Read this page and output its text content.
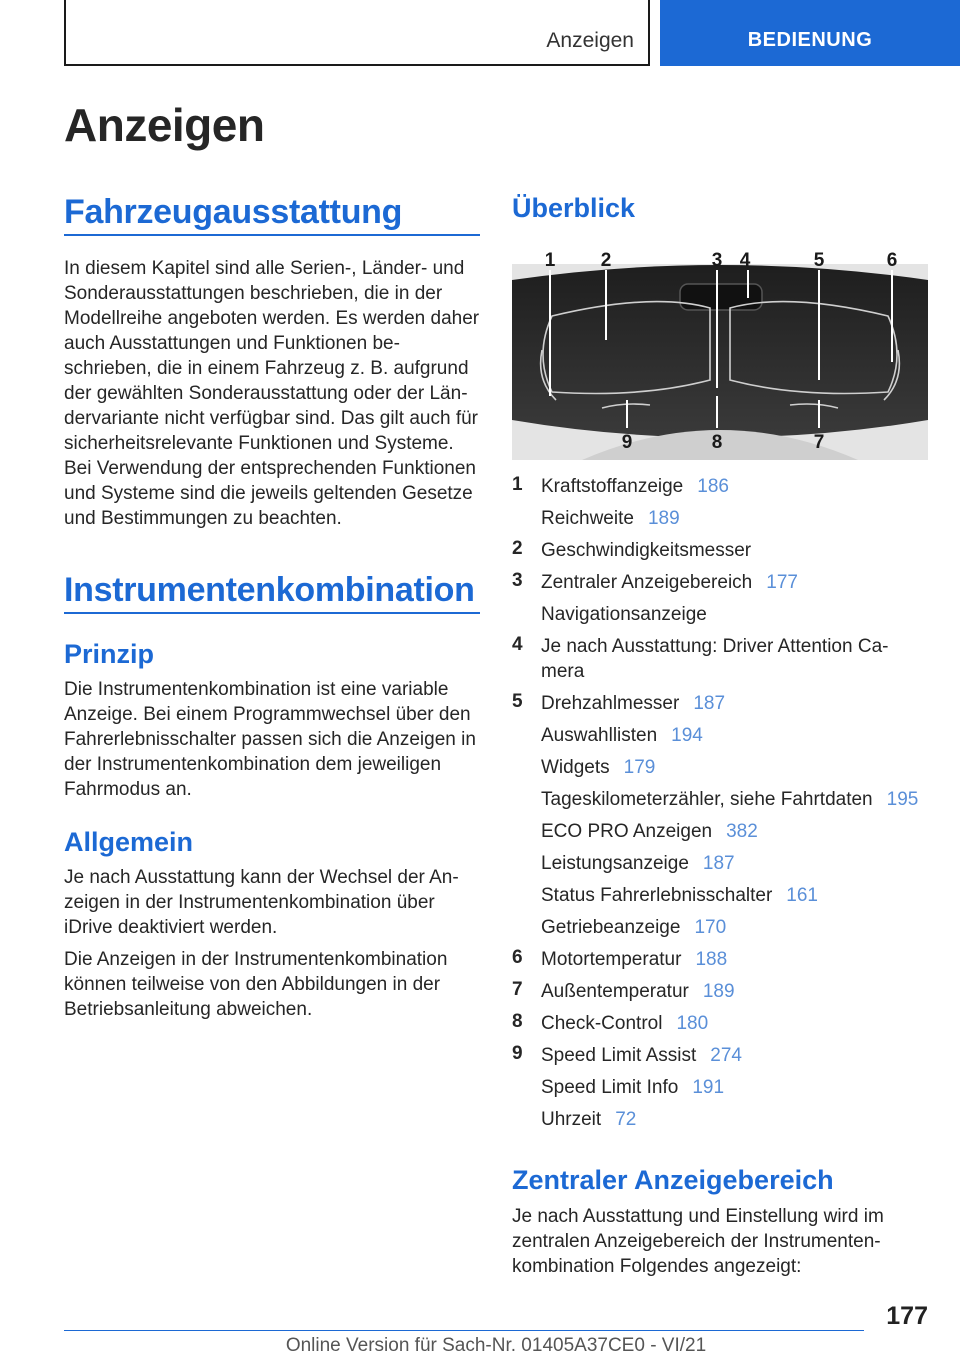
Anzeigen	BEDIENUNG
Anzeigen
Fahrzeugausstattung
In diesem Kapitel sind alle Serien-, Länder- und Sonderausstattungen beschrieben, die in der Modellreihe angeboten werden. Es werden daher auch Ausstattungen und Funktionen beschrieben, die in einem Fahrzeug z. B. aufgrund der gewählten Sonderausstattung oder der Ländervariante nicht verfügbar sind. Das gilt auch für sicherheitsrelevante Funktionen und Systeme. Bei Verwendung der entsprechenden Funktionen und Systeme sind die jeweils geltenden Gesetze und Bestimmungen zu beachten.
Instrumentenkombination
Prinzip
Die Instrumentenkombination ist eine variable Anzeige. Bei einem Programmwechsel über den Fahrerlebnisschalter passen sich die Anzeigen in der Instrumentenkombination dem jeweiligen Fahrmodus an.
Allgemein
Je nach Ausstattung kann der Wechsel der Anzeigen in der Instrumentenkombination über iDrive deaktiviert werden.
Die Anzeigen in der Instrumentenkombination können teilweise von den Abbildungen in der Betriebsanleitung abweichen.
Überblick
1 2	3 4	5	6
9	8	7
1 Kraftstoffanzeige 186
Reichweite 189
2 Geschwindigkeitsmesser
3 Zentraler Anzeigebereich 177
Navigationsanzeige
4 Je nach Ausstattung: Driver Attention Camera
5 Drehzahlmesser 187
Auswahllisten 194
Widgets 179
Tageskilometerzähler, siehe Fahrtdaten 195
ECO PRO Anzeigen 382
Leistungsanzeige 187
Status Fahrerlebnisschalter 161
Getriebeanzeige 170
6 Motortemperatur 188
7 Außentemperatur 189
8 Check-Control 180
9 Speed Limit Assist 274
Speed Limit Info 191
Uhrzeit 72
Zentraler Anzeigebereich
Je nach Ausstattung und Einstellung wird im zentralen Anzeigebereich der Instrumentenkombination Folgendes angezeigt:
177
Online Version für Sach-Nr. 01405A37CE0 - VI/21
